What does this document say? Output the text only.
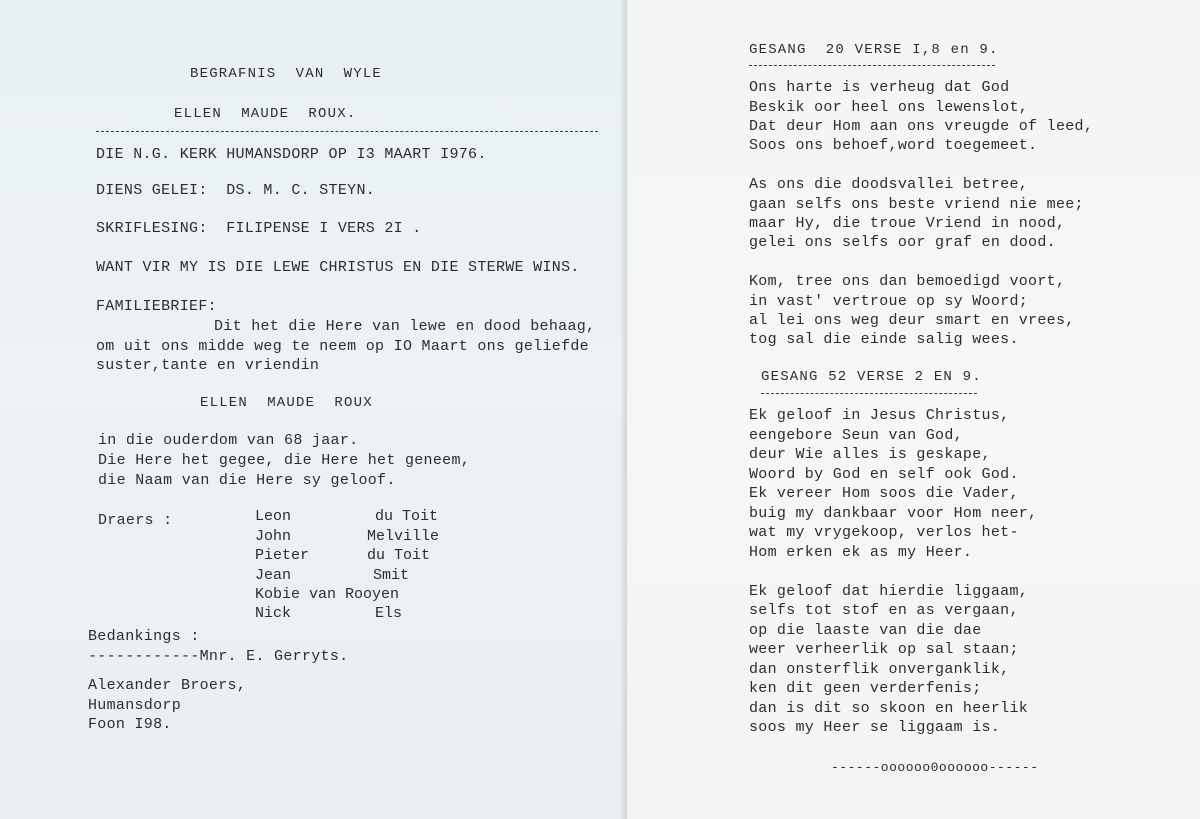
BEGRAFNIS  VAN  WYLE
ELLEN  MAUDE  ROUX.
DIE N.G. KERK HUMANSDORP OP I3 MAART I976.
DIENS GELEI:  DS. M. C. STEYN.
SKRIFLESING:  FILIPENSE I VERS 2I .
WANT VIR MY IS DIE LEWE CHRISTUS EN DIE STERWE WINS.
FAMILIEBRIEF:
Dit het die Here van lewe en dood behaag,
om uit ons midde weg te neem op IO Maart ons geliefde
suster,tante en vriendin
ELLEN  MAUDE  ROUX
in die ouderdom van 68 jaar.
Die Here het gegee, die Here het geneem,
die Naam van die Here sy geloof.
Draers :	Leon	du Toit
John	Melville
Pieter	du Toit
Jean	Smit
Kobie van Rooyen
Nick	Els
Bedankings :
------------Mnr. E. Gerryts.
Alexander Broers,
Humansdorp
Foon I98.
GESANG  20 VERSE I,8 en 9.
Ons harte is verheug dat God
Beskik oor heel ons lewenslot,
Dat deur Hom aan ons vreugde of leed,
Soos ons behoef,word toegemeet.
As ons die doodsvallei betree,
gaan selfs ons beste vriend nie mee;
maar Hy, die troue Vriend in nood,
gelei ons selfs oor graf en dood.
Kom, tree ons dan bemoedigd voort,
in vast' vertroue op sy Woord;
al lei ons weg deur smart en vrees,
tog sal die einde salig wees.
GESANG 52 VERSE 2 EN 9.
Ek geloof in Jesus Christus,
eengebore Seun van God,
deur Wie alles is geskape,
Woord by God en self ook God.
Ek vereer Hom soos die Vader,
buig my dankbaar voor Hom neer,
wat my vrygekoop, verlos het-
Hom erken ek as my Heer.
Ek geloof dat hierdie liggaam,
selfs tot stof en as vergaan,
op die laaste van die dae
weer verheerlik op sal staan;
dan onsterflik onverganklik,
ken dit geen verderfenis;
dan is dit so skoon en heerlik
soos my Heer se liggaam is.
------oooooo0oooooo------
